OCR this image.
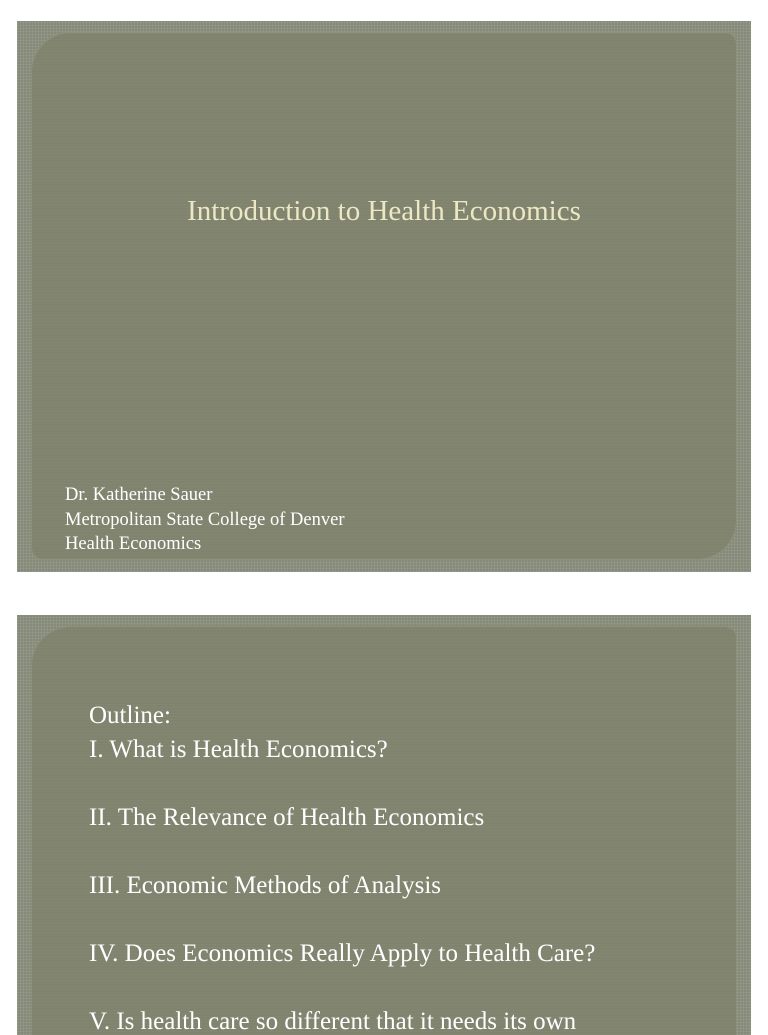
Introduction to Health Economics
Dr. Katherine Sauer
Metropolitan State College of Denver
Health Economics
Outline:
I. What is Health Economics?
II. The Relevance of Health Economics
III. Economic Methods of Analysis
IV. Does Economics Really Apply to Health Care?
V. Is health care so different that it needs its own
